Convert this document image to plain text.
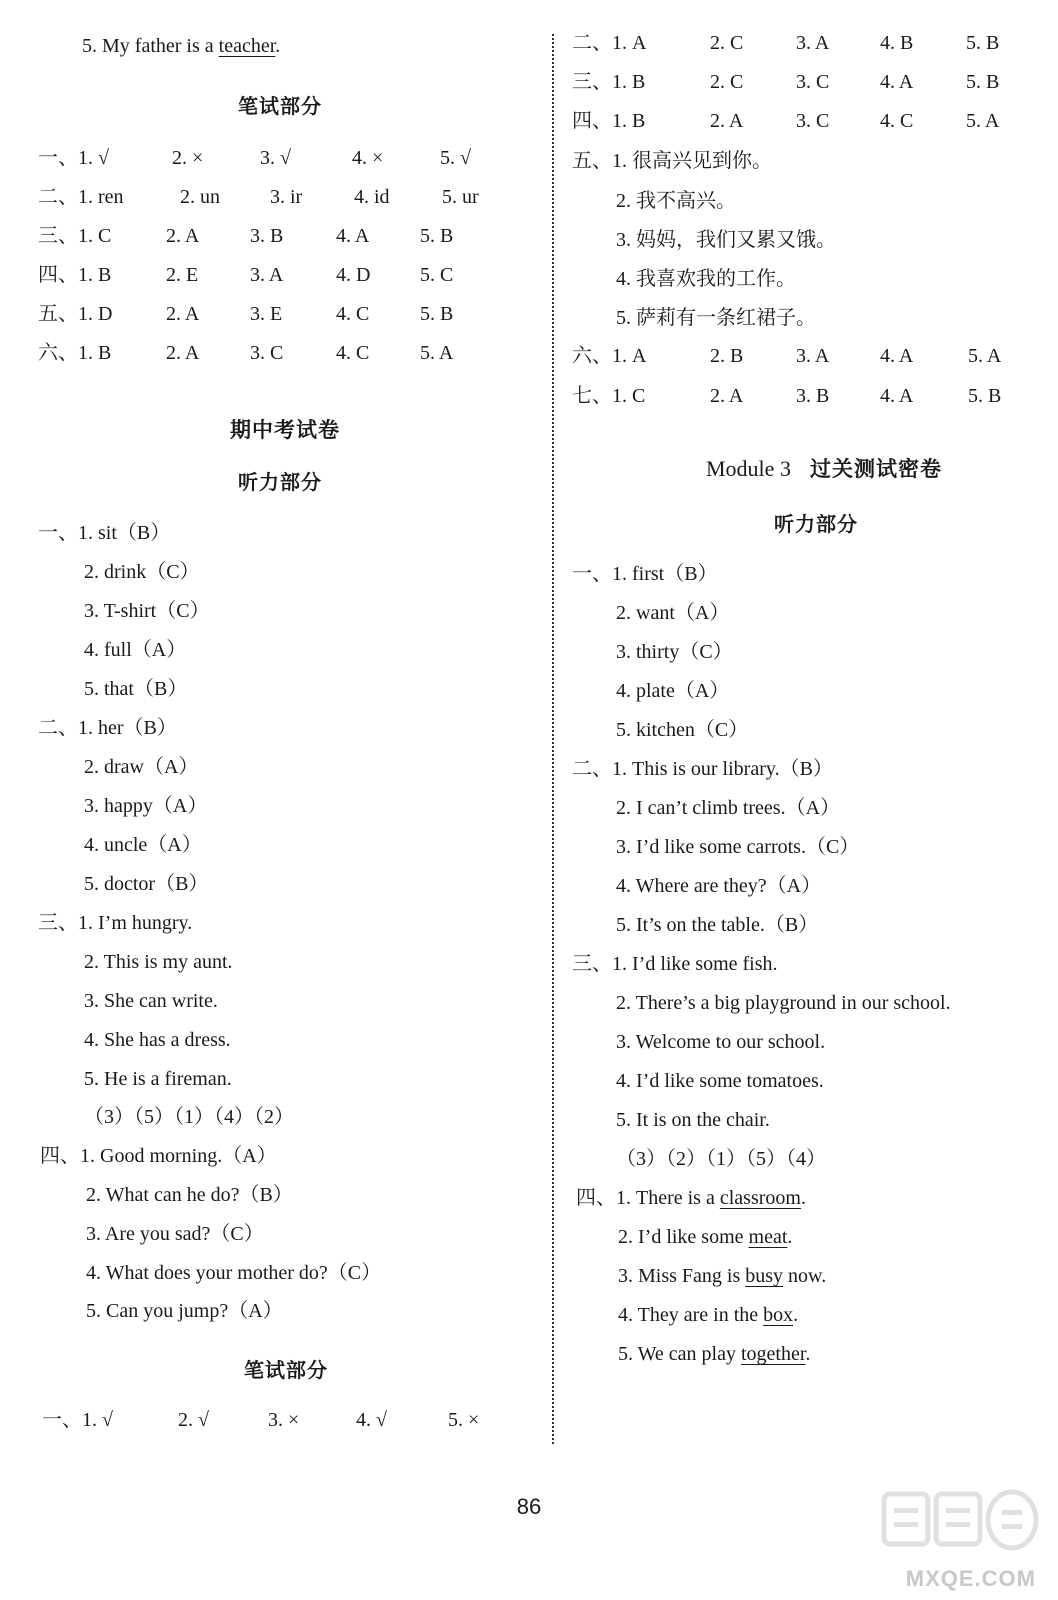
5. My father is a teacher.
笔试部分
一、1. √	2. ×	3. √	4. ×	5. √
二、1. ren	2. un	3. ir	4. id	5. ur
三、1. C	2. A	3. B	4. A	5. B
四、1. B	2. E	3. A	4. D 5. C
五、1. D	2. A	3. E	4. C	5. B
六、1. B	2. A	3. C	4. C	5. A
期中考试卷
听力部分
一、1. sit（B）
2. drink（C）
3. T-shirt（C）
4. full（A）
5. that（B）
二、1. her（B）
2. draw（A）
3. happy（A）
4. uncle（A）
5. doctor（B）
三、1. I’m hungry.
2. This is my aunt.
3. She can write.
4. She has a dress.
5. He is a fireman.
（3）（5）（1）（4）（2）
四、1. Good morning.（A）
2. What can he do?（B）
3. Are you sad?（C）
4. What does your mother do?（C）
5. Can you jump?（A）
笔试部分
一、1. √	2. √	3. ×	4. √	5. ×
二、1. A	2. C	3. A	4. B	5. B
三、1. B	2. C	3. C	4. A	5. B
四、1. B	2. A	3. C	4. C	5. A
五、1. 很高兴见到你。
2. 我不高兴。
3. 妈妈，我们又累又饿。
4. 我喜欢我的工作。
5. 萨莉有一条红裙子。
六、1. A	2. B	3. A	4. A	5. A
七、1. C	2. A	3. B	4. A	5. B
Module 3 过关测试密卷
听力部分
一、1. first（B）
2. want（A）
3. thirty（C）
4. plate（A）
5. kitchen（C）
二、1. This is our library.（B）
2. I can’t climb trees.（A）
3. I’d like some carrots.（C）
4. Where are they?（A）
5. It’s on the table.（B）
三、1. I’d like some fish.
2. There’s a big playground in our school.
3. Welcome to our school.
4. I’d like some tomatoes.
5. It is on the chair.
（3）（2）（1）（5）（4）
四、1. There is a classroom.
2. I’d like some meat.
3. Miss Fang is busy now.
4. They are in the box.
5. We can play together.
86
MXQE.COM
